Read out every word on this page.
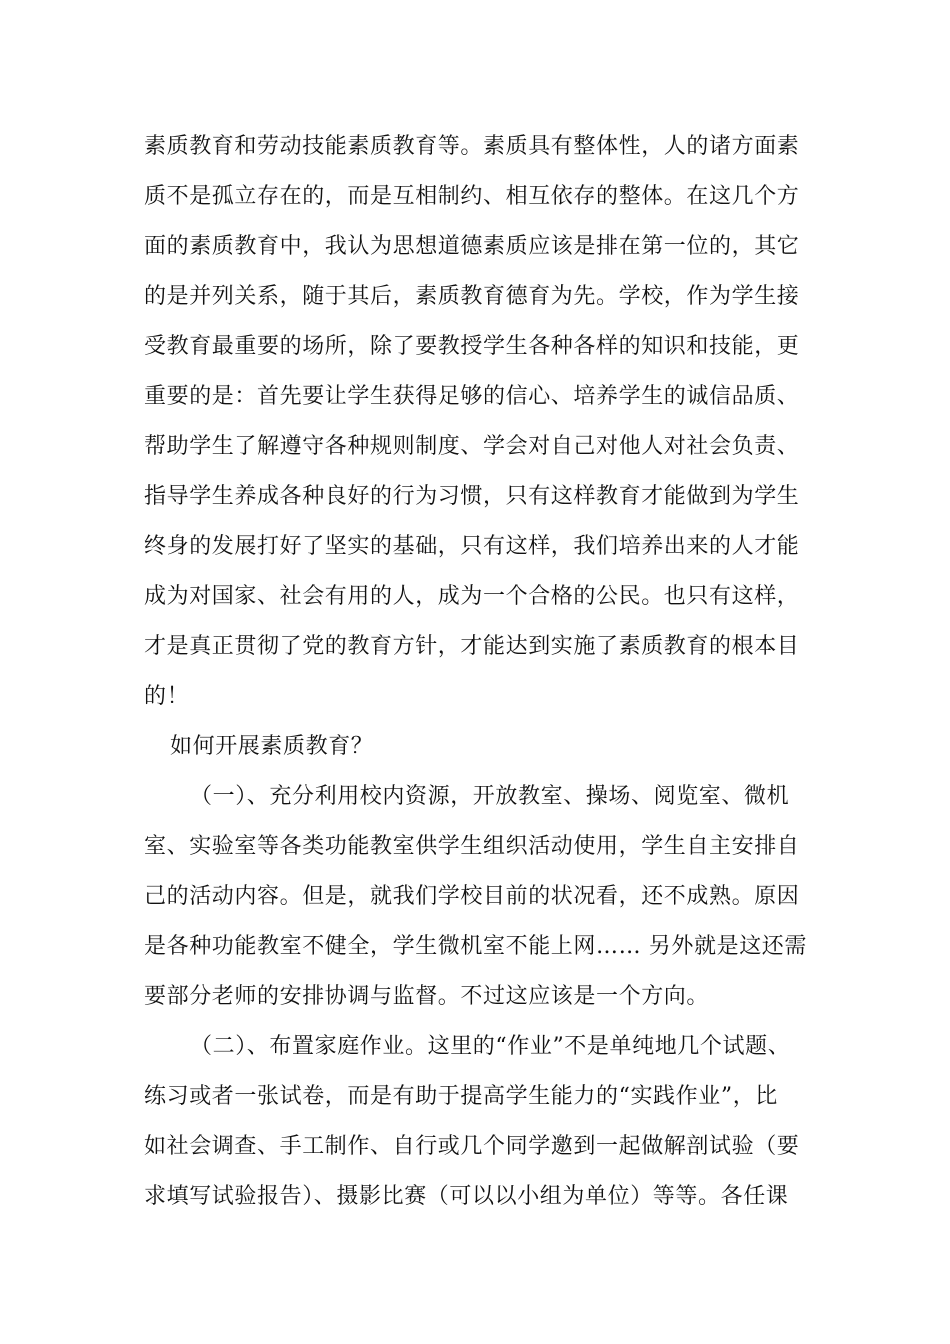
素质教育和劳动技能素质教育等。素质具有整体性，人的诸方面素
质不是孤立存在的，而是互相制约、相互依存的整体。在这几个方
面的素质教育中，我认为思想道德素质应该是排在第一位的，其它
的是并列关系，随于其后，素质教育德育为先。学校，作为学生接
受教育最重要的场所，除了要教授学生各种各样的知识和技能，更
重要的是：首先要让学生获得足够的信心、培养学生的诚信品质、
帮助学生了解遵守各种规则制度、学会对自己对他人对社会负责、
指导学生养成各种良好的行为习惯，只有这样教育才能做到为学生
终身的发展打好了坚实的基础，只有这样，我们培养出来的人才能
成为对国家、社会有用的人，成为一个合格的公民。也只有这样，
才是真正贯彻了党的教育方针，才能达到实施了素质教育的根本目
的！
如何开展素质教育？
（一）、充分利用校内资源，开放教室、操场、阅览室、微机
室、实验室等各类功能教室供学生组织活动使用，学生自主安排自
己的活动内容。但是，就我们学校目前的状况看，还不成熟。原因
是各种功能教室不健全，学生微机室不能上网…… 另外就是这还需
要部分老师的安排协调与监督。不过这应该是一个方向。
（二）、布置家庭作业。这里的“作业”不是单纯地几个试题、
练习或者一张试卷，而是有助于提高学生能力的“实践作业”，比
如社会调查、手工制作、自行或几个同学邀到一起做解剖试验（要
求填写试验报告）、摄影比赛（可以以小组为单位）等等。各任课
